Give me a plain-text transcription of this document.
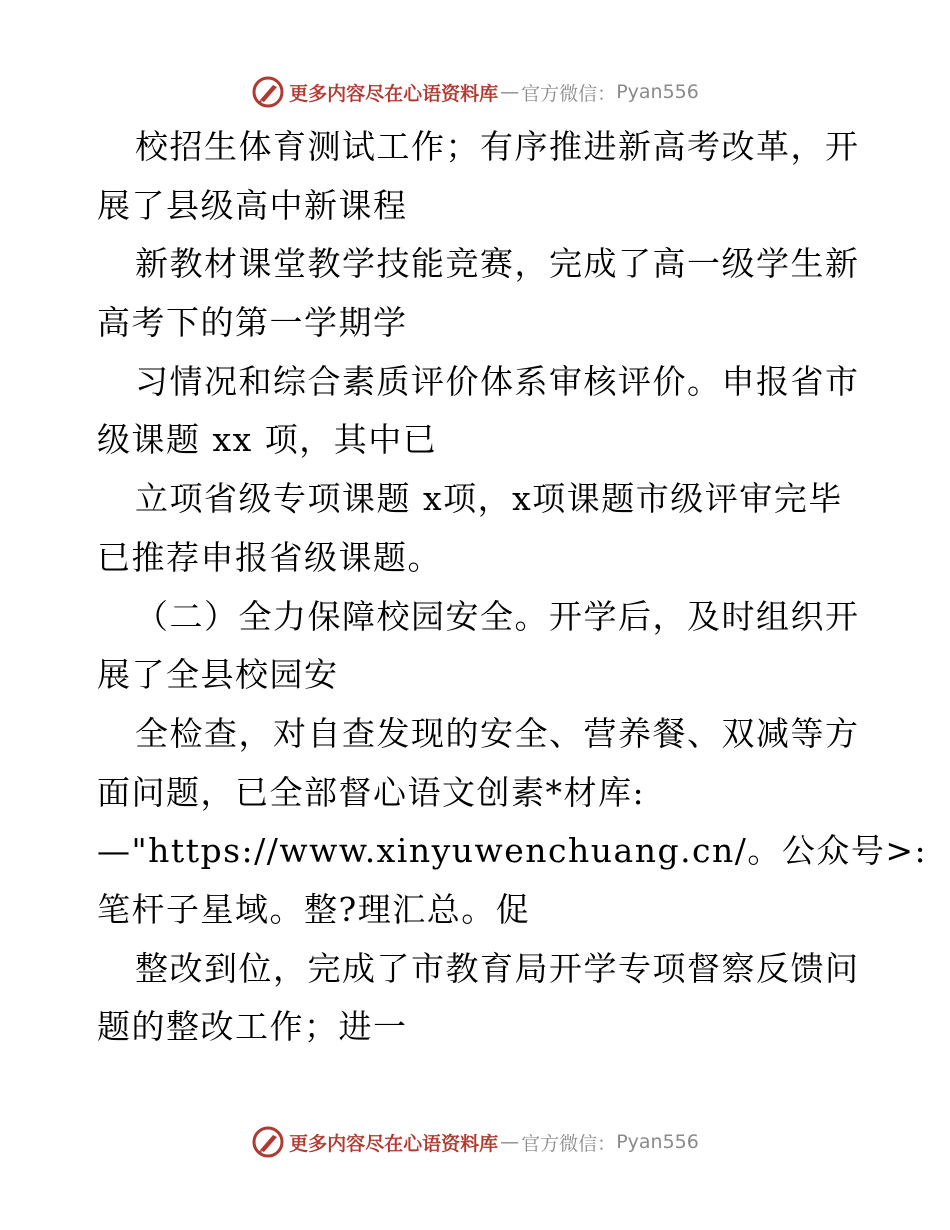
更多内容尽在心语资料库 — 官方微信： Pyan556
校招生体育测试工作；有序推进新高考改革，开
展了县级高中新课程
新教材课堂教学技能竞赛，完成了高一级学生新
高考下的第一学期学
习情况和综合素质评价体系审核评价。申报省市
级课题 xx 项，其中已
立项省级专项课题 x项，x项课题市级评审完毕
已推荐申报省级课题。
（二）全力保障校园安全。开学后，及时组织开
展了全县校园安
全检查，对自查发现的安全、营养餐、双减等方
面问题，已全部督心语文创素*材库:
—"https://www.xinyuwenchuang.cn/。公众号>:
笔杆子星域。整?理汇总。促
整改到位，完成了市教育局开学专项督察反馈问
题的整改工作；进一
更多内容尽在心语资料库 — 官方微信： Pyan556
